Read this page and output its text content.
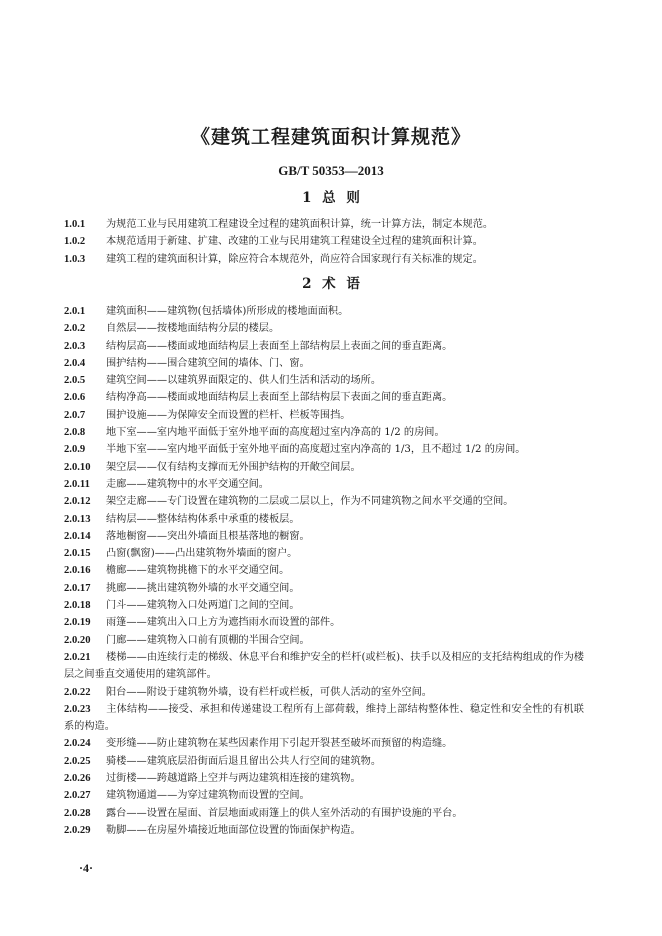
《建筑工程建筑面积计算规范》
GB/T 50353—2013
1 总 则
1.0.1 为规范工业与民用建筑工程建设全过程的建筑面积计算，统一计算方法，制定本规范。
1.0.2 本规范适用于新建、扩建、改建的工业与民用建筑工程建设全过程的建筑面积计算。
1.0.3 建筑工程的建筑面积计算，除应符合本规范外，尚应符合国家现行有关标准的规定。
2 术 语
2.0.1 建筑面积——建筑物(包括墙体)所形成的楼地面面积。
2.0.2 自然层——按楼地面结构分层的楼层。
2.0.3 结构层高——楼面或地面结构层上表面至上部结构层上表面之间的垂直距离。
2.0.4 围护结构——围合建筑空间的墙体、门、窗。
2.0.5 建筑空间——以建筑界面限定的、供人们生活和活动的场所。
2.0.6 结构净高——楼面或地面结构层上表面至上部结构层下表面之间的垂直距离。
2.0.7 围护设施——为保障安全而设置的栏杆、栏板等围挡。
2.0.8 地下室——室内地平面低于室外地平面的高度超过室内净高的 1/2 的房间。
2.0.9 半地下室——室内地平面低于室外地平面的高度超过室内净高的 1/3，且不超过 1/2 的房间。
2.0.10 架空层——仅有结构支撑而无外围护结构的开敞空间层。
2.0.11 走廊——建筑物中的水平交通空间。
2.0.12 架空走廊——专门设置在建筑物的二层或二层以上，作为不同建筑物之间水平交通的空间。
2.0.13 结构层——整体结构体系中承重的楼板层。
2.0.14 落地橱窗——突出外墙面且根基落地的橱窗。
2.0.15 凸窗(飘窗)——凸出建筑物外墙面的窗户。
2.0.16 檐廊——建筑物挑檐下的水平交通空间。
2.0.17 挑廊——挑出建筑物外墙的水平交通空间。
2.0.18 门斗——建筑物入口处两道门之间的空间。
2.0.19 雨篷——建筑出入口上方为遮挡雨水而设置的部件。
2.0.20 门廊——建筑物入口前有顶棚的半围合空间。
2.0.21 楼梯——由连续行走的梯级、休息平台和维护安全的栏杆(或栏板)、扶手以及相应的支托结构组成的作为楼层之间垂直交通使用的建筑部件。
2.0.22 阳台——附设于建筑物外墙，设有栏杆或栏板，可供人活动的室外空间。
2.0.23 主体结构——接受、承担和传递建设工程所有上部荷载，维持上部结构整体性、稳定性和安全性的有机联系的构造。
2.0.24 变形缝——防止建筑物在某些因素作用下引起开裂甚至破坏而预留的构造缝。
2.0.25 骑楼——建筑底层沿街面后退且留出公共人行空间的建筑物。
2.0.26 过街楼——跨越道路上空并与两边建筑相连接的建筑物。
2.0.27 建筑物通道——为穿过建筑物而设置的空间。
2.0.28 露台——设置在屋面、首层地面或雨篷上的供人室外活动的有围护设施的平台。
2.0.29 勒脚——在房屋外墙接近地面部位设置的饰面保护构造。
·4·
